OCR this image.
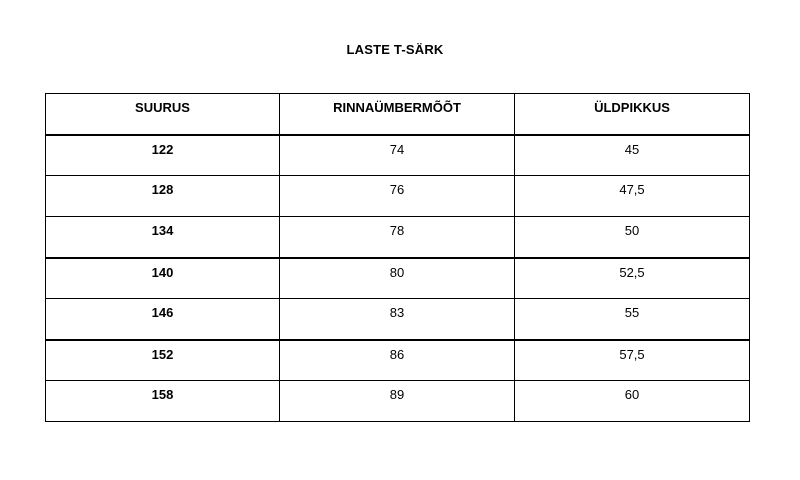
LASTE T-SÄRK
SUURUS	RINNAÜMBERMÕÕT	ÜLDPIKKUS
122	74	45
128	76	47,5
134	78	50
140	80	52,5
146	83	55
152	86	57,5
158	89	60
